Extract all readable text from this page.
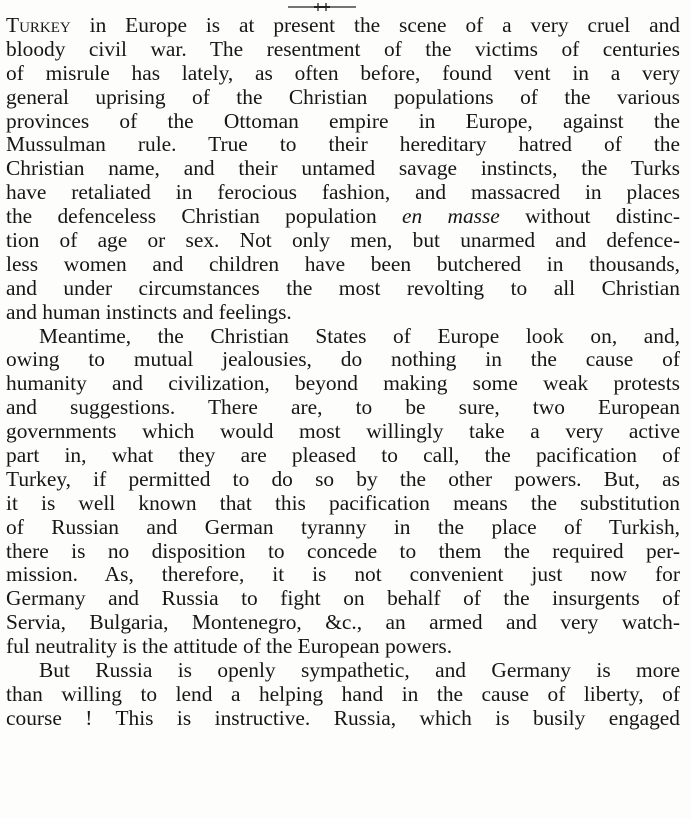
Turkey in Europe is at present the scene of a very cruel and
bloody civil war. The resentment of the victims of centuries
of misrule has lately, as often before, found vent in a very
general uprising of the Christian populations of the various
provinces of the Ottoman empire in Europe, against the
Mussulman rule. True to their hereditary hatred of the
Christian name, and their untamed savage instincts, the Turks
have retaliated in ferocious fashion, and massacred in places
the defenceless Christian population en masse without distinc-
tion of age or sex. Not only men, but unarmed and defence-
less women and children have been butchered in thousands,
and under circumstances the most revolting to all Christian
and human instincts and feelings.
Meantime, the Christian States of Europe look on, and,
owing to mutual jealousies, do nothing in the cause of
humanity and civilization, beyond making some weak protests
and suggestions. There are, to be sure, two European
governments which would most willingly take a very active
part in, what they are pleased to call, the pacification of
Turkey, if permitted to do so by the other powers. But, as
it is well known that this pacification means the substitution
of Russian and German tyranny in the place of Turkish,
there is no disposition to concede to them the required per-
mission. As, therefore, it is not convenient just now for
Germany and Russia to fight on behalf of the insurgents of
Servia, Bulgaria, Montenegro, &c., an armed and very watch-
ful neutrality is the attitude of the European powers.
But Russia is openly sympathetic, and Germany is more
than willing to lend a helping hand in the cause of liberty, of
course ! This is instructive. Russia, which is busily engaged
